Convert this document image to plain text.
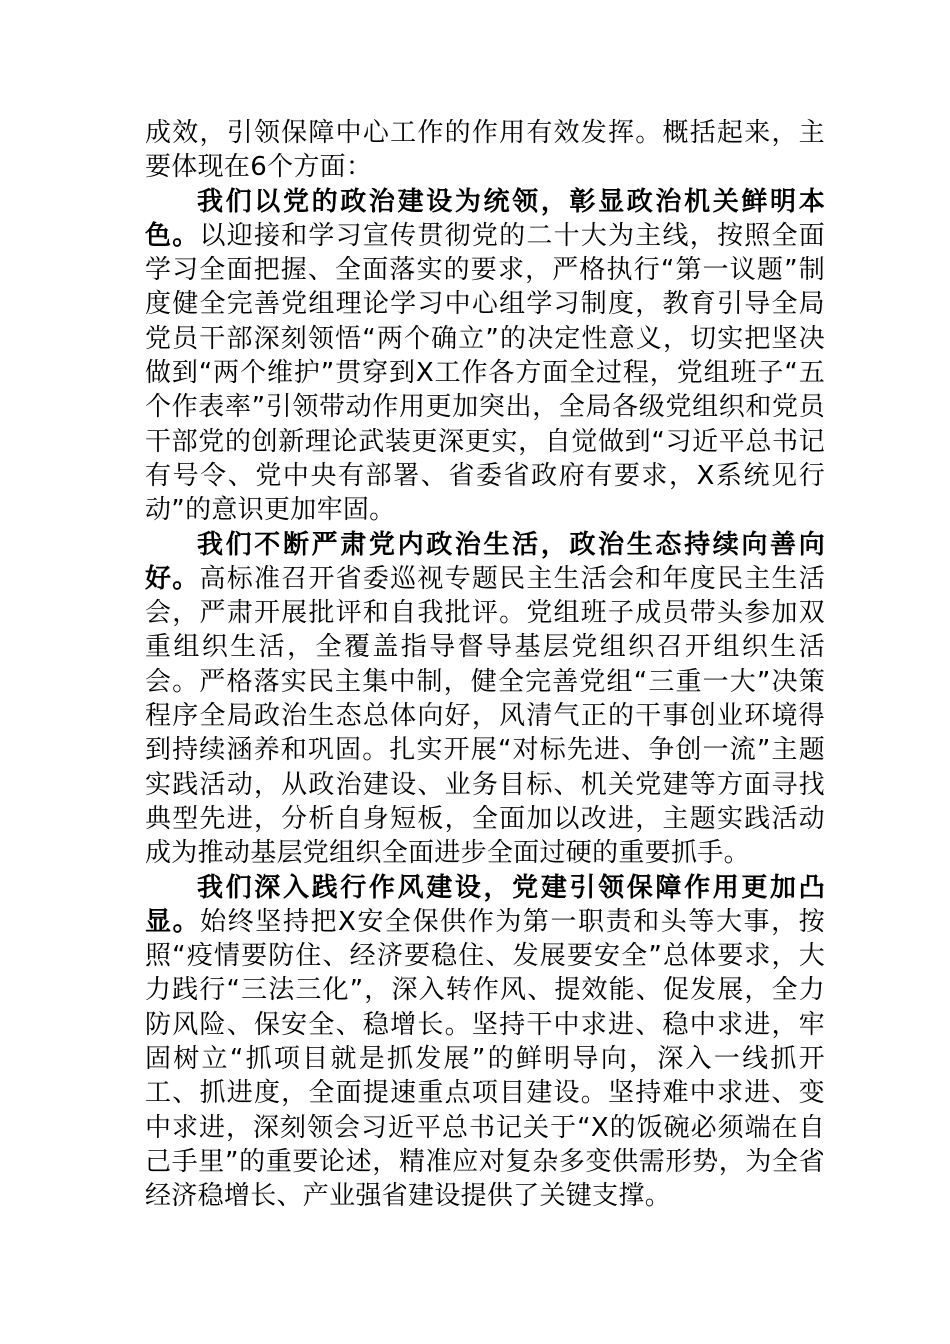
成效，引领保障中心工作的作用有效发挥。概括起来，主要体现在6个方面：

我们以党的政治建设为统领，彰显政治机关鲜明本色。以迎接和学习宣传贯彻党的二十大为主线，按照全面学习全面把握、全面落实的要求，严格执行“第一议题”制度健全完善党组理论学习中心组学习制度，教育引导全局党员干部深刻领悟“两个确立”的决定性意义，切实把坚决做到“两个维护”贯穿到X工作各方面全过程，党组班子“五个作表率”引领带动作用更加突出，全局各级党组织和党员干部党的创新理论武装更深更实，自觉做到“习近平总书记有号令、党中央有部署、省委省政府有要求，X系统见行动”的意识更加牢固。

我们不断严肃党内政治生活，政治生态持续向善向好。高标准召开省委巡视专题民主生活会和年度民主生活会，严肃开展批评和自我批评。党组班子成员带头参加双重组织生活，全覆盖指导督导基层党组织召开组织生活会。严格落实民主集中制，健全完善党组“三重一大”决策程序全局政治生态总体向好，风清气正的干事创业环境得到持续涵养和巩固。扎实开展“对标先进、争创一流”主题实践活动，从政治建设、业务目标、机关党建等方面寻找典型先进，分析自身短板，全面加以改进，主题实践活动成为推动基层党组织全面进步全面过硬的重要抓手。

我们深入践行作风建设，党建引领保障作用更加凸显。始终坚持把X安全保供作为第一职责和头等大事，按照“疫情要防住、经济要稳住、发展要安全”总体要求，大力践行“三法三化”，深入转作风、提效能、促发展，全力防风险、保安全、稳增长。坚持干中求进、稳中求进，牢固树立“抓项目就是抓发展”的鲜明导向，深入一线抓开工、抓进度，全面提速重点项目建设。坚持难中求进、变中求进，深刻领会习近平总书记关于“X的饭碗必须端在自己手里”的重要论述，精准应对复杂多变供需形势，为全省经济稳增长、产业强省建设提供了关键支撑。
